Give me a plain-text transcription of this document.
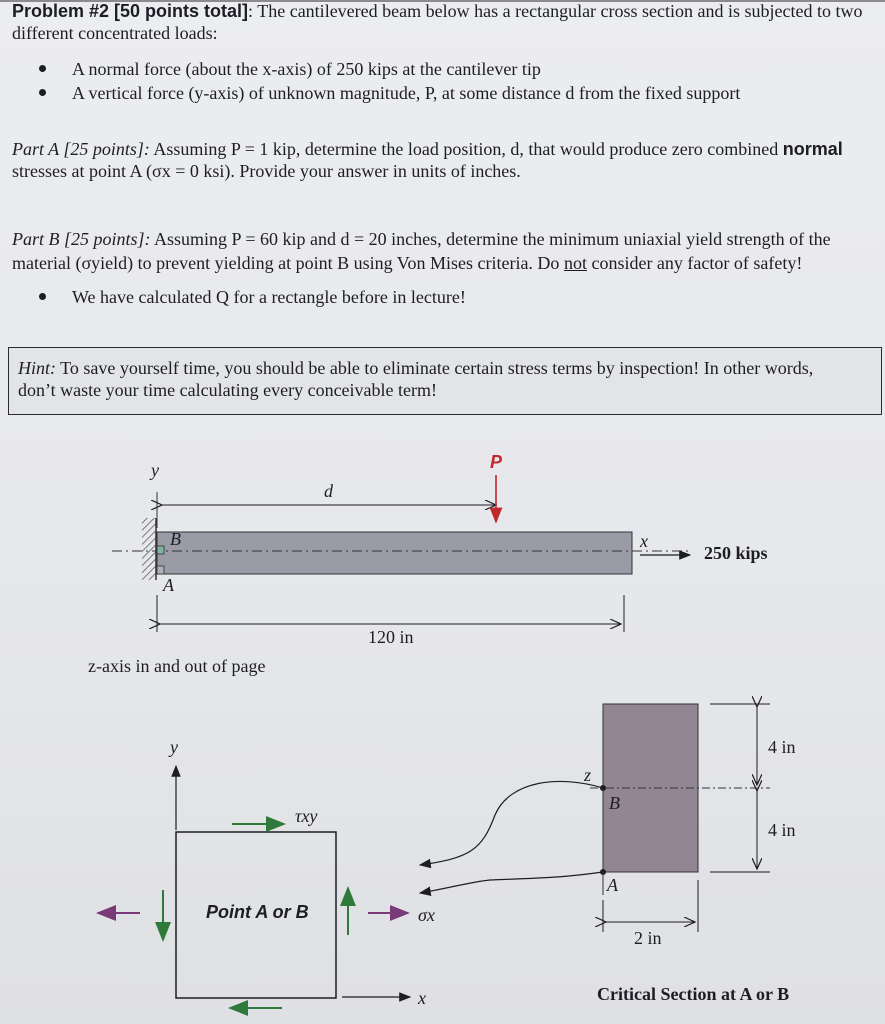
Problem #2 [50 points total]: The cantilevered beam below has a rectangular cross section and is subjected to two
different concentrated loads:
A normal force (about the x-axis) of 250 kips at the cantilever tip
A vertical force (y-axis) of unknown magnitude, P, at some distance d from the fixed support
Part A [25 points]: Assuming P = 1 kip, determine the load position, d, that would produce zero combined normal
stresses at point A (σx = 0 ksi). Provide your answer in units of inches.
Part B [25 points]: Assuming P = 60 kip and d = 20 inches, determine the minimum uniaxial yield strength of the
material (σyield) to prevent yielding at point B using Von Mises criteria. Do not consider any factor of safety!
We have calculated Q for a rectangle before in lecture!
Hint: To save yourself time, you should be able to eliminate certain stress terms by inspection! In other words,
don’t waste your time calculating every conceivable term!
y	P
d
B
A
x
250 kips
120 in
z-axis in and out of page
y
τxy
σx
x
Point A or B
z
B
A
4 in
4 in
2 in
Critical Section at A or B
